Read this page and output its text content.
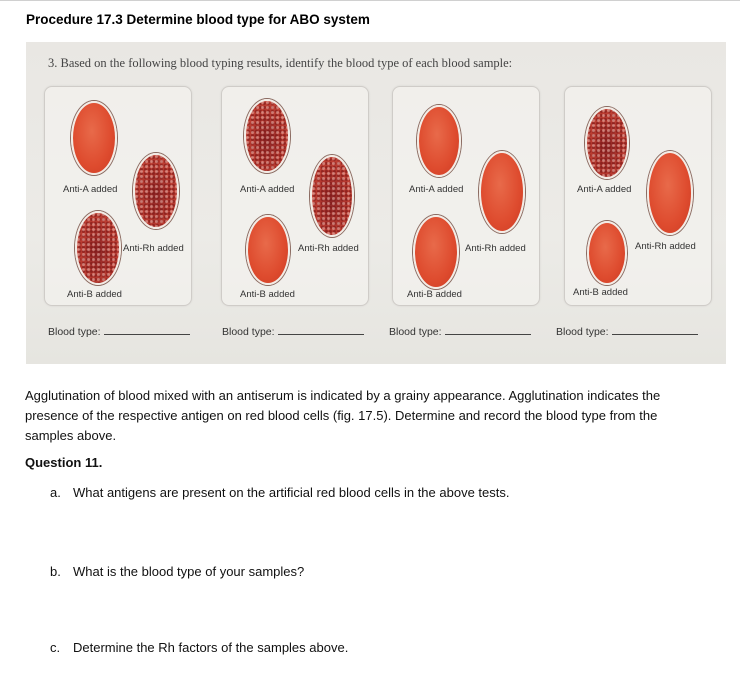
Procedure 17.3 Determine blood type for ABO system
3. Based on the following blood typing results, identify the blood type of each blood sample:
Anti-A added
Anti-Rh added
Anti-B added
Anti-A added
Anti-Rh added
Anti-B added
Anti-A added
Anti-Rh added
Anti-B added
Anti-A added
Anti-Rh added
Anti-B added
Blood type:	Blood type:	Blood type:	Blood type:
Agglutination of blood mixed with an antiserum is indicated by a grainy appearance. Agglutination indicates the presence of the respective antigen on red blood cells (fig. 17.5). Determine and record the blood type from the samples above.
Question 11.
a. What antigens are present on the artificial red blood cells in the above tests.
b. What is the blood type of your samples?
c. Determine the Rh factors of the samples above.
